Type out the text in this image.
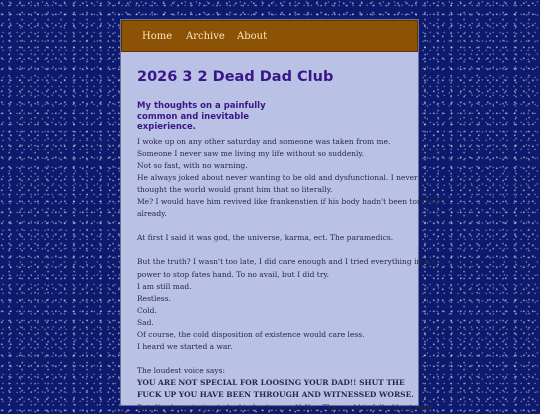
Home Archive About
2026 3 2 Dead Dad Club
My thoughts on a painfully common and inevitable expierience.
I woke up on any other saturday and someone was taken from me.
Someone I never saw me living my life without so suddenly.
Not so fast, with no warning.
He always joked about never wanting to be old and dysfunctional. I never
thought the world would grant him that so literally.
Me? I would have him revived like frankenstien if his body hadn't been torched
already.
At first I said it was god, the universe, karma, ect. The paramedics.
But the truth? I wasn't too late, I did care enough and I tried everything in my
power to stop fates hand. To no avail, but I did try.
I am still mad.
Restless.
Cold.
Sad.
Of course, the cold disposition of existence would care less.
I heard we started a war.
The loudest voice says:
YOU ARE NOT SPECIAL FOR LOOSING YOUR DAD!! SHUT THE
FUCK UP YOU HAVE BEEN THROUGH AND WITNESSED WORSE.
But. I've been trying to be kinder to myself. Yes. The world is full of hurt right
